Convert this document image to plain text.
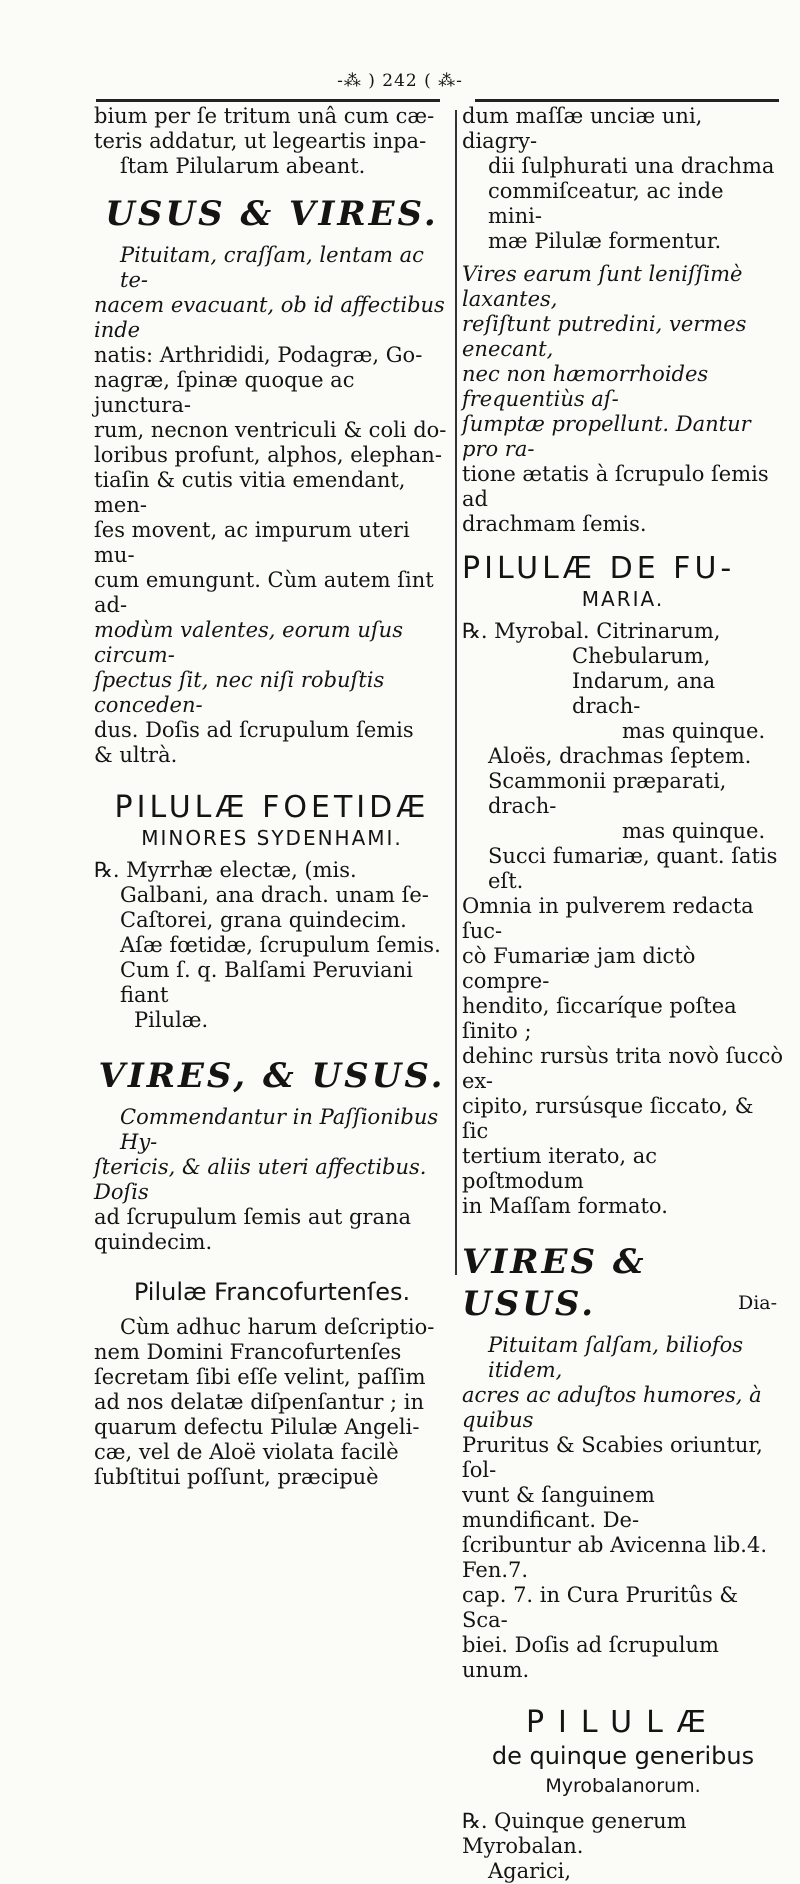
-⁂ ) 242 ( ⁂-

bium per ſe tritum unâ cum cæ-

teris addatur, ut legeartis inpa-

ſtam Pilularum abeant.

USUS & VIRES.

Pituitam, craſſam, lentam ac te-

nacem evacuant, ob id affectibus inde

natis: Arthrididi, Podagræ, Go-

nagræ, ſpinæ quoque ac junctura-

rum, necnon ventriculi & coli do-

loribus profunt, alphos, elephan-

tiaſin & cutis vitia emendant, men-

ſes movent, ac impurum uteri mu-

cum emungunt. Cùm autem ſint ad-

modùm valentes, eorum uſus circum-

ſpectus ſit, nec niſi robuſtis conceden-

dus. Doſis ad ſcrupulum ſemis

& ultrà.

PILULÆ FOETIDÆ
MINORES SYDENHAMI.

℞. Myrrhæ electæ, (mis.

Galbani, ana drach. unam ſe-

Caſtorei, grana quindecim.

Aſæ fœtidæ, ſcrupulum ſemis.

Cum ſ. q. Balſami Peruviani fiant

Pilulæ.

VIRES, & USUS.

Commendantur in Paſſionibus Hy-

ſtericis, & aliis uteri affectibus. Doſis

ad ſcrupulum ſemis aut grana

quindecim.

Pilulæ Francofurtenſes.

Cùm adhuc harum deſcriptio-

nem Domini Francofurtenſes

ſecretam ſibi eſſe velint, paſſim

ad nos delatæ diſpenſantur ; in

quarum defectu Pilulæ Angeli-

cæ, vel de Aloë violata facilè

ſubſtitui poſſunt, præcipuè

dum maſſæ unciæ uni, diagry-

dii ſulphurati una drachma

commiſceatur, ac inde mini-

mæ Pilulæ formentur.

Vires earum ſunt leniſſimè laxantes,

reſiſtunt putredini, vermes enecant,

nec non hæmorrhoides frequentiùs aſ-

ſumptæ propellunt. Dantur pro ra-

tione ætatis à ſcrupulo ſemis ad

drachmam ſemis.

PILULÆ DE FU-
MARIA.

℞. Myrobal. Citrinarum,

Chebularum,

Indarum, ana drach-

mas quinque.

Aloës, drachmas ſeptem.

Scammonii præparati, drach-

mas quinque.

Succi fumariæ, quant. ſatis eſt.

Omnia in pulverem redacta ſuc-

cò Fumariæ jam dictò compre-

hendito, ſiccaríque poſtea ſinito ;

dehinc rursùs trita novò ſuccò ex-

cipito, rursúsque ſiccato, & ſic

tertium iterato, ac poſtmodum

in Maſſam formato.

VIRES & USUS.

Pituitam ſalſam, biliofos itidem,

acres ac aduſtos humores, à quibus

Pruritus & Scabies oriuntur, ſol-

vunt & ſanguinem mundificant. De-

ſcribuntur ab Avicenna lib.4. Fen.7.

cap. 7. in Cura Pruritûs & Sca-

biei. Doſis ad ſcrupulum unum.

PILULÆ
de quinque generibus
Myrobalanorum.

℞. Quinque generum Myrobalan.

Agarici,

Dia-
